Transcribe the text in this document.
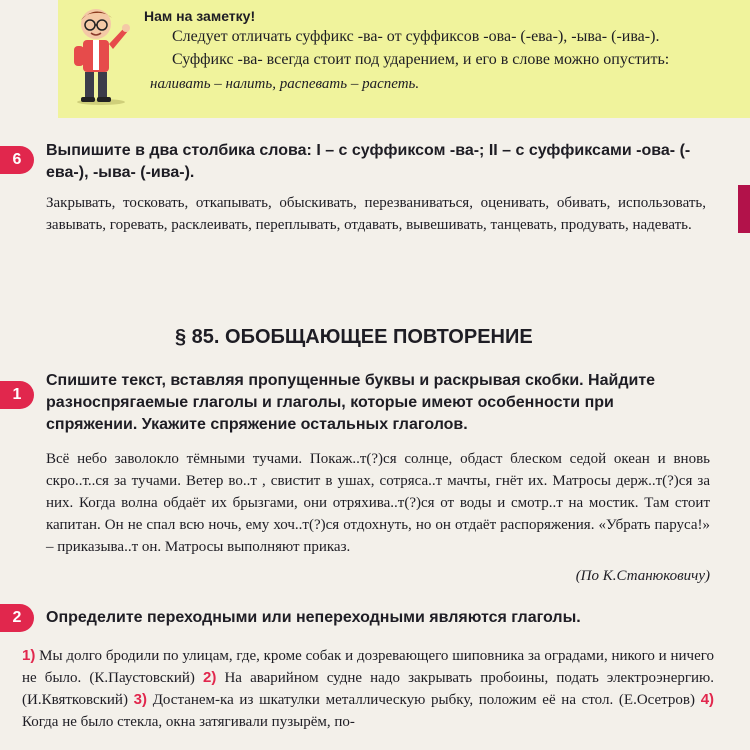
Нам на заметку!
Следует отличать суффикс -ва- от суффиксов -ова- (-ева-), -ыва- (-ива-).
Суффикс -ва- всегда стоит под ударением, и его в слове можно опустить:
наливать – налить, распевать – распеть.
6
Выпишите в два столбика слова: I – с суффиксом -ва-; II – с суффиксами -ова- (-ева-), -ыва- (-ива-).
Закрывать, тосковать, откапывать, обыскивать, перезваниваться, оценивать, обивать, использовать, завывать, горевать, расклеивать, переплывать, отдавать, вывешивать, танцевать, продувать, надевать.
§ 85. ОБОБЩАЮЩЕЕ ПОВТОРЕНИЕ
1
Спишите текст, вставляя пропущенные буквы и раскрывая скобки. Найдите разноспрягаемые глаголы и глаголы, которые имеют особенности при спряжении. Укажите спряжение остальных глаголов.
Всё небо заволокло тёмными тучами. Покаж..т(?)ся солнце, обдаст блеском седой океан и вновь скро..т..ся за тучами. Ветер во..т , свистит в ушах, сотряса..т мачты, гнёт их. Матросы держ..т(?)ся за них. Когда волна обдаёт их брызгами, они отряхива..т(?)ся от воды и смотр..т на мостик. Там стоит капитан. Он не спал всю ночь, ему хоч..т(?)ся отдохнуть, но он отдаёт распоряжения. «Убрать паруса!» – приказыва..т он. Матросы выполняют приказ.
(По К.Станюковичу)
2	Определите переходными или непереходными являются глаголы.
1) Мы долго бродили по улицам, где, кроме собак и дозревающего шиповника за оградами, никого и ничего не было. (К.Паустовский) 2) На аварийном судне надо закрывать пробоины, подать электроэнергию. (И.Квятковский) 3) Достанем-ка из шкатулки металлическую рыбку, положим её на стол. (Е.Осетров) 4) Когда не было стекла, окна затягивали пузырём, по-
